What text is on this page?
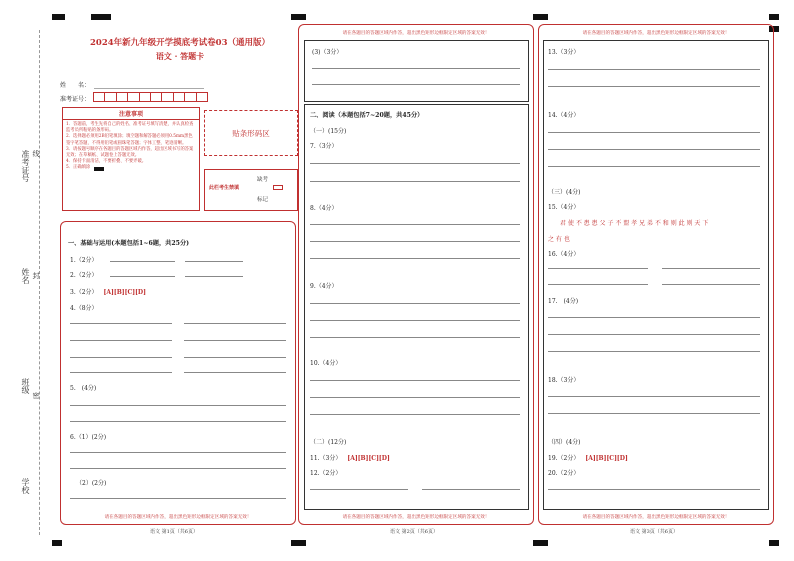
准考证号 线
姓名 封
班级
密
学校
2024年新九年级开学摸底考试卷03（通用版）
语文 · 答题卡
姓　　名：
准考证号：
注意事项
1．答题前，考生先将自己的姓名、准考证号填写清楚，并认真检查监考员所粘贴的条形码。
2．选择题必须用2B铅笔填涂；填空题和解答题必须用0.5mm黑色签字笔答题，不得用铅笔或圆珠笔答题；字体工整、笔迹清晰。
3．请按题号顺序在各题目的答题区域内作答，超出区域书写的答案无效；在草稿纸、试题卷上答题无效。
4．保持卡面清洁，不要折叠、不要弄破。
5．正确填涂
贴条形码区
此栏考生禁填
缺考
标记
一、基础与运用(本题包括1~6题，共25分)
1.（2分）
2.（2分）
3.（2分） [A][B][C][D]
4.（8分）
5.　(4分)
6.（1）(2分)
（2）(2分)
请在各题目的答题区域内作答，超出黑色矩形边框限定区域的答案无效！
语文 第1页（共6页）
请在各题目的答题区域内作答，超出黑色矩形边框限定区域的答案无效！
(3)（3分）
二、阅读（本题包括7~20题，共45分）
（一）(15分)
7.（3分）
8.（4分）
9.（4分）
10.（4分）
（二）(12分)
11.（3分） [A][B][C][D]
12.（2分）
请在各题目的答题区域内作答，超出黑色矩形边框限定区域的答案无效！
语文 第2页（共6页）
请在各题目的答题区域内作答，超出黑色矩形边框限定区域的答案无效！
13.（3分）
14.（4分）
（三）(4分)
15.（4分）
君 使 不 患 患 父 子 不 盟 孝 兄 弟 不 和 则 此 则 天 下
之 有 也
16.（4分）
17.　(4分)
18.（3分）
（四）(4分)
19.（2分） [A][B][C][D]
20.（2分）
请在各题目的答题区域内作答，超出黑色矩形边框限定区域的答案无效！
语文 第3页（共6页）
